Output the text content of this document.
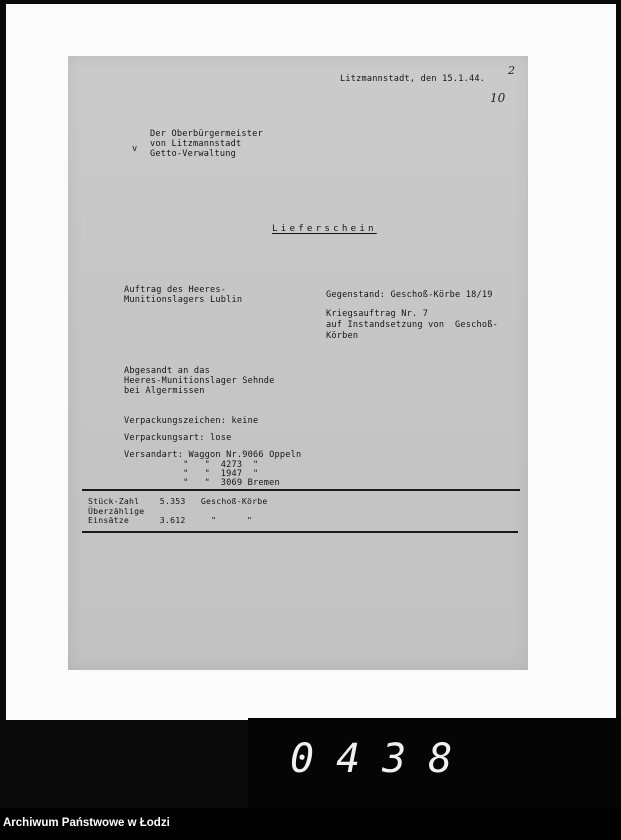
Litzmannstadt, den 15.1.44.
2
10
v
Der Oberbürgermeister
von Litzmannstadt
Getto-Verwaltung
Lieferschein
Auftrag des Heeres-
Munitionslagers Lublin	Gegenstand: Geschoß-Körbe 18/19
Kriegsauftrag Nr. 7
auf Instandsetzung von  Geschoß-
Körben
Abgesandt an das
Heeres-Munitionslager Sehnde
bei Algermissen
Verpackungszeichen: keine
Verpackungsart: lose
Versandart: Waggon Nr.9066 Oppeln
"   "  4273  "
"   "  1947  "
"   "  3069 Bremen
Stück-Zahl    5.353   Geschoß-Körbe
Überzählige
Einsätze      3.612     "      "
0438
Archiwum Państwowe w Łodzi
